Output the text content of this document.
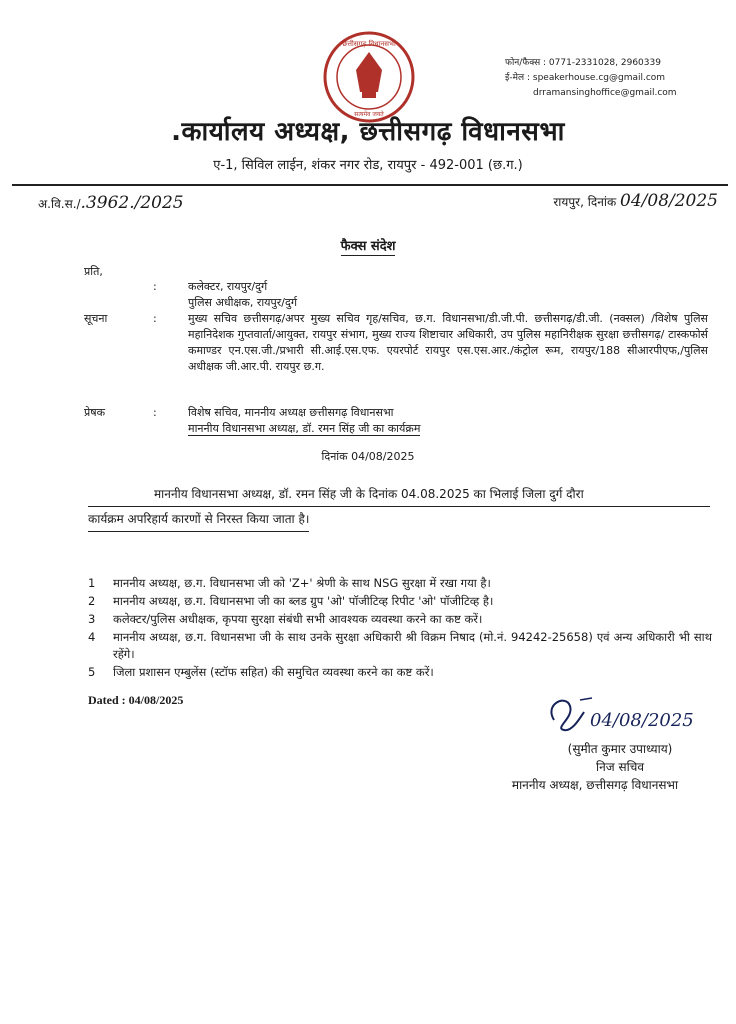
छत्तीसगढ़ विधानसभा
सत्यमेव जयते
फोन/फैक्स : 0771-2331028, 2960339
ई-मेल : speakerhouse.cg@gmail.com
drramansinghoffice@gmail.com
.कार्यालय अध्यक्ष, छत्तीसगढ़ विधानसभा
ए-1, सिविल लाईन, शंकर नगर रोड, रायपुर - 492-001 (छ.ग.)
अ.वि.स./.3962./2025	रायपुर, दिनांक 04/08/2025
फैक्स संदेश
प्रति,
:	कलेक्टर, रायपुर/दुर्ग
पुलिस अधीक्षक, रायपुर/दुर्ग
सूचना	:	मुख्य सचिव छत्तीसगढ़/अपर मुख्य सचिव गृह/सचिव, छ.ग. विधानसभा/डी.जी.पी. छत्तीसगढ़/डी.जी. (नक्सल) /विशेष पुलिस महानिदेशक गुप्तवार्ता/आयुक्त, रायपुर संभाग, मुख्य राज्य शिष्टाचार अधिकारी, उप पुलिस महानिरीक्षक सुरक्षा छत्तीसगढ़/ टास्कफोर्स कमाण्डर एन.एस.जी./प्रभारी सी.आई.एस.एफ. एयरपोर्ट रायपुर एस.एस.आर./कंट्रोल रूम, रायपुर/188 सीआरपीएफ,/पुलिस अधीक्षक जी.आर.पी. रायपुर छ.ग.
प्रेषक	:	विशेष सचिव, माननीय अध्यक्ष छत्तीसगढ़ विधानसभा
माननीय विधानसभा अध्यक्ष, डॉ. रमन सिंह जी का कार्यक्रम
दिनांक 04/08/2025
माननीय विधानसभा अध्यक्ष, डॉ. रमन सिंह जी के दिनांक 04.08.2025 का भिलाई जिला दुर्ग दौरा
कार्यक्रम अपरिहार्य कारणों से निरस्त किया जाता है।
1 माननीय अध्यक्ष, छ.ग. विधानसभा जी को 'Z+' श्रेणी के साथ NSG सुरक्षा में रखा गया है।
2 माननीय अध्यक्ष, छ.ग. विधानसभा जी का ब्लड ग्रुप 'ओ' पॉजीटिव्ह रिपीट 'ओ' पॉजीटिव्ह है।
3 कलेक्टर/पुलिस अधीक्षक, कृपया सुरक्षा संबंधी सभी आवश्यक व्यवस्था करने का कष्ट करें।
4 माननीय अध्यक्ष, छ.ग. विधानसभा जी के साथ उनके सुरक्षा अधिकारी श्री विक्रम निषाद (मो.नं. 94242-25658) एवं अन्य अधिकारी भी साथ रहेंगे।
5 जिला प्रशासन एम्बुलेंस (स्टॉफ सहित) की समुचित व्यवस्था करने का कष्ट करें।
Dated : 04/08/2025
04/08/2025
(सुमीत कुमार उपाध्याय)
निज सचिव
माननीय अध्यक्ष, छत्तीसगढ़ विधानसभा
